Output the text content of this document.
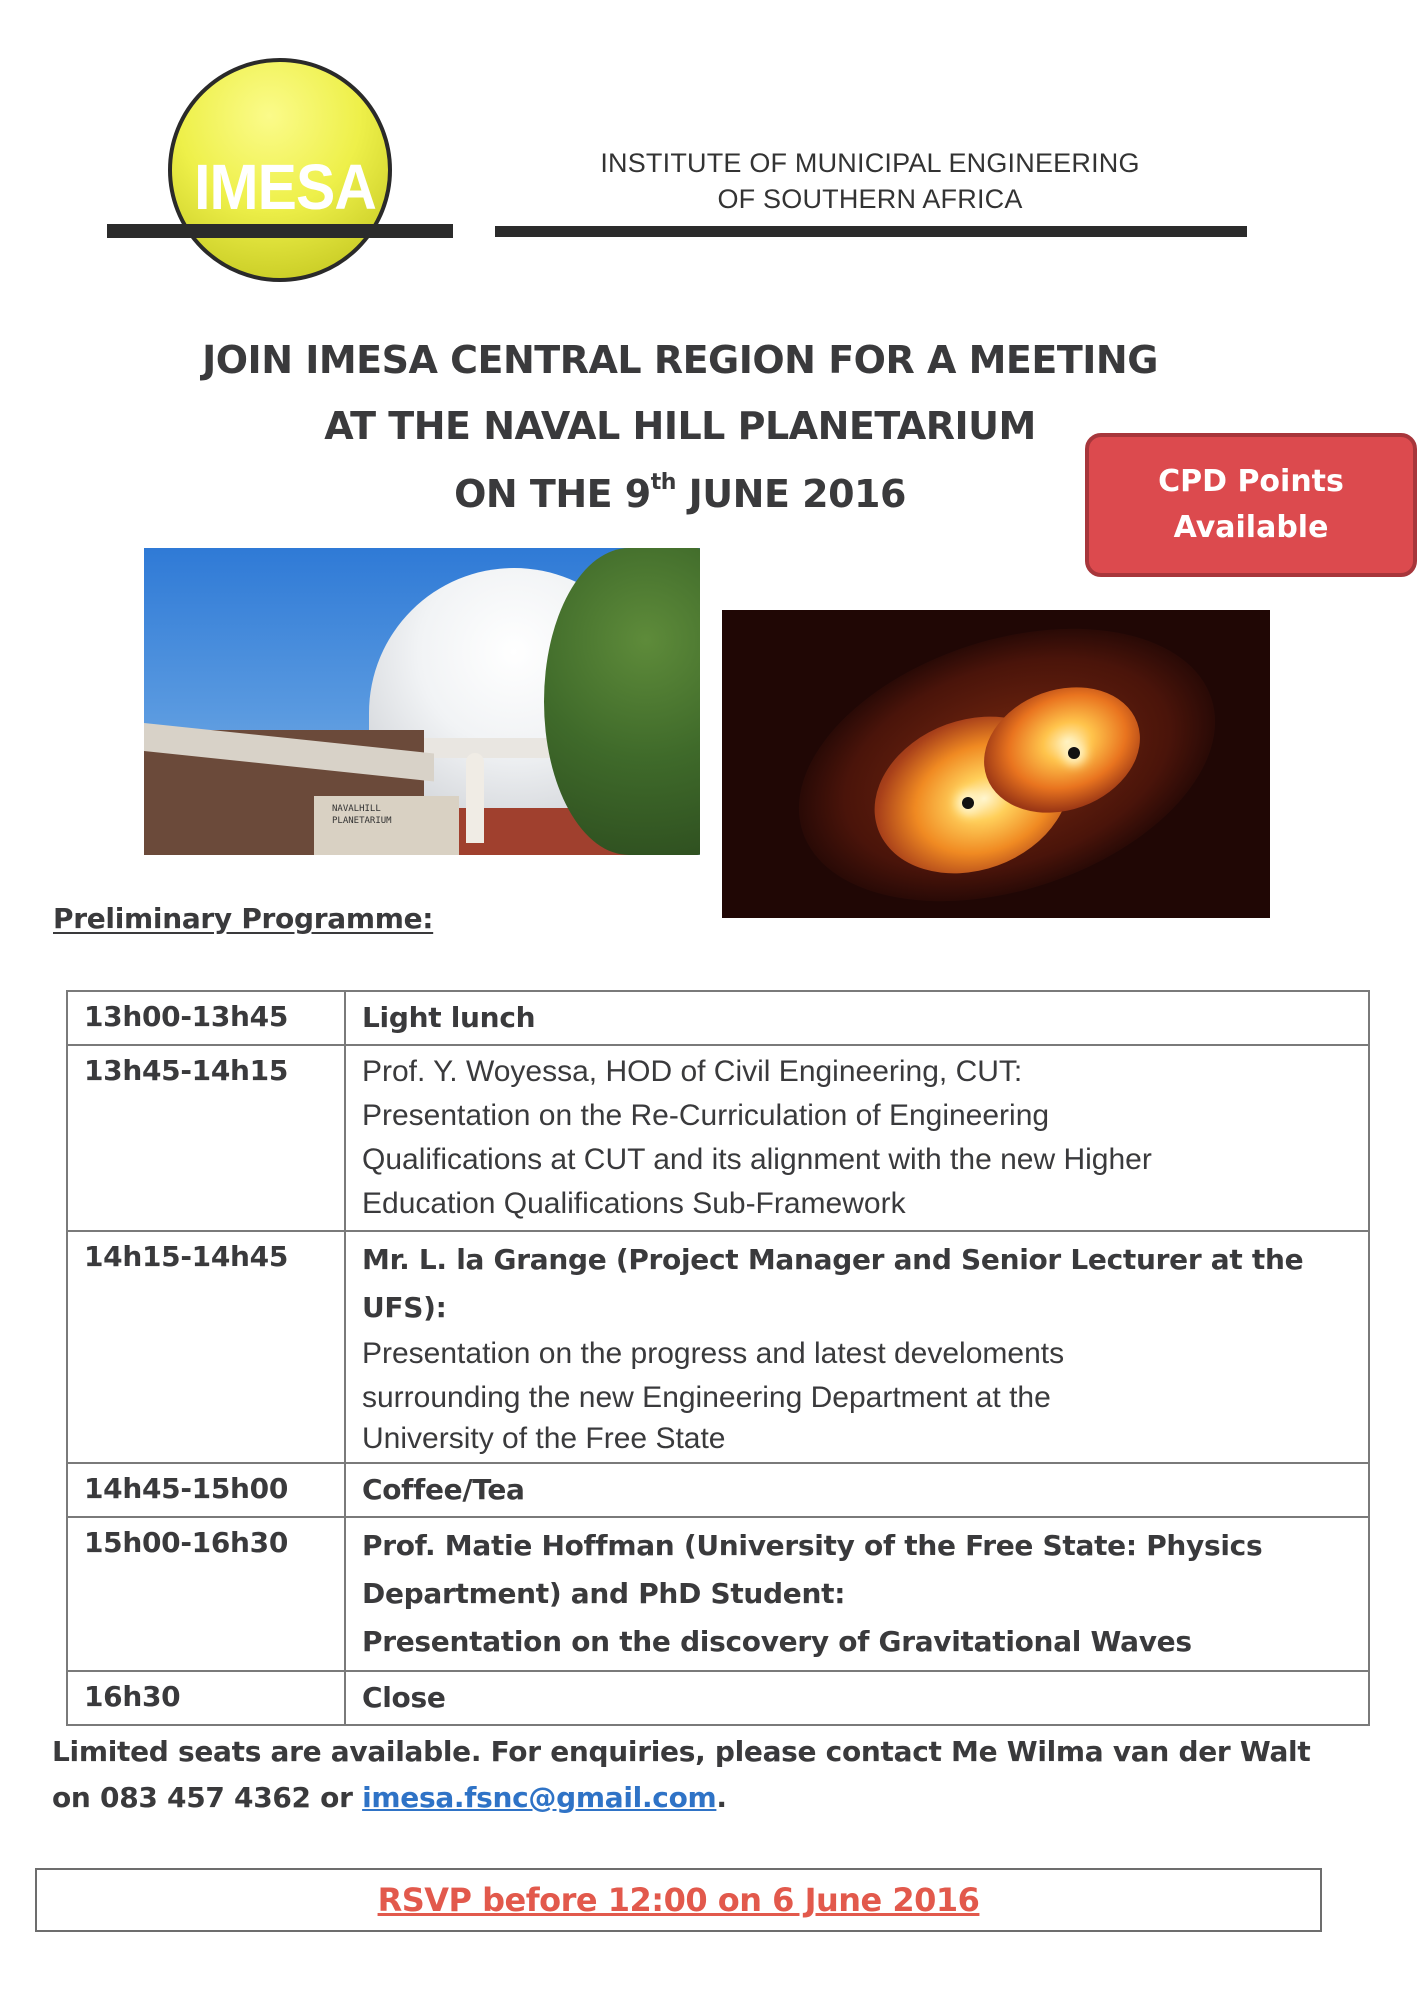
IMESA	INSTITUTE OF MUNICIPAL ENGINEERING
OF SOUTHERN AFRICA
JOIN IMESA CENTRAL REGION FOR A MEETING
AT THE NAVAL HILL PLANETARIUM
ON THE 9th JUNE 2016	CPD Points
Available
NAVALHILL
PLANETARIUM
Preliminary Programme:
13h00-13h45	Light lunch

13h45-14h15	Prof. Y. Woyessa, HOD of Civil Engineering, CUT:
Presentation on the Re-Curriculation of Engineering
Qualifications at CUT and its alignment with the new Higher
Education Qualifications Sub-Framework

14h15-14h45	Mr. L. la Grange (Project Manager and Senior Lecturer at the
UFS):
Presentation on the progress and latest develoments
surrounding the new Engineering Department at the
University of the Free State

14h45-15h00	Coffee/Tea

15h00-16h30	Prof. Matie Hoffman (University of the Free State: Physics
Department) and PhD Student:
Presentation on the discovery of Gravitational Waves

16h30	Close
Limited seats are available. For enquiries, please contact Me Wilma van der Walt
on 083 457 4362 or imesa.fsnc@gmail.com.
RSVP before 12:00 on 6 June 2016
